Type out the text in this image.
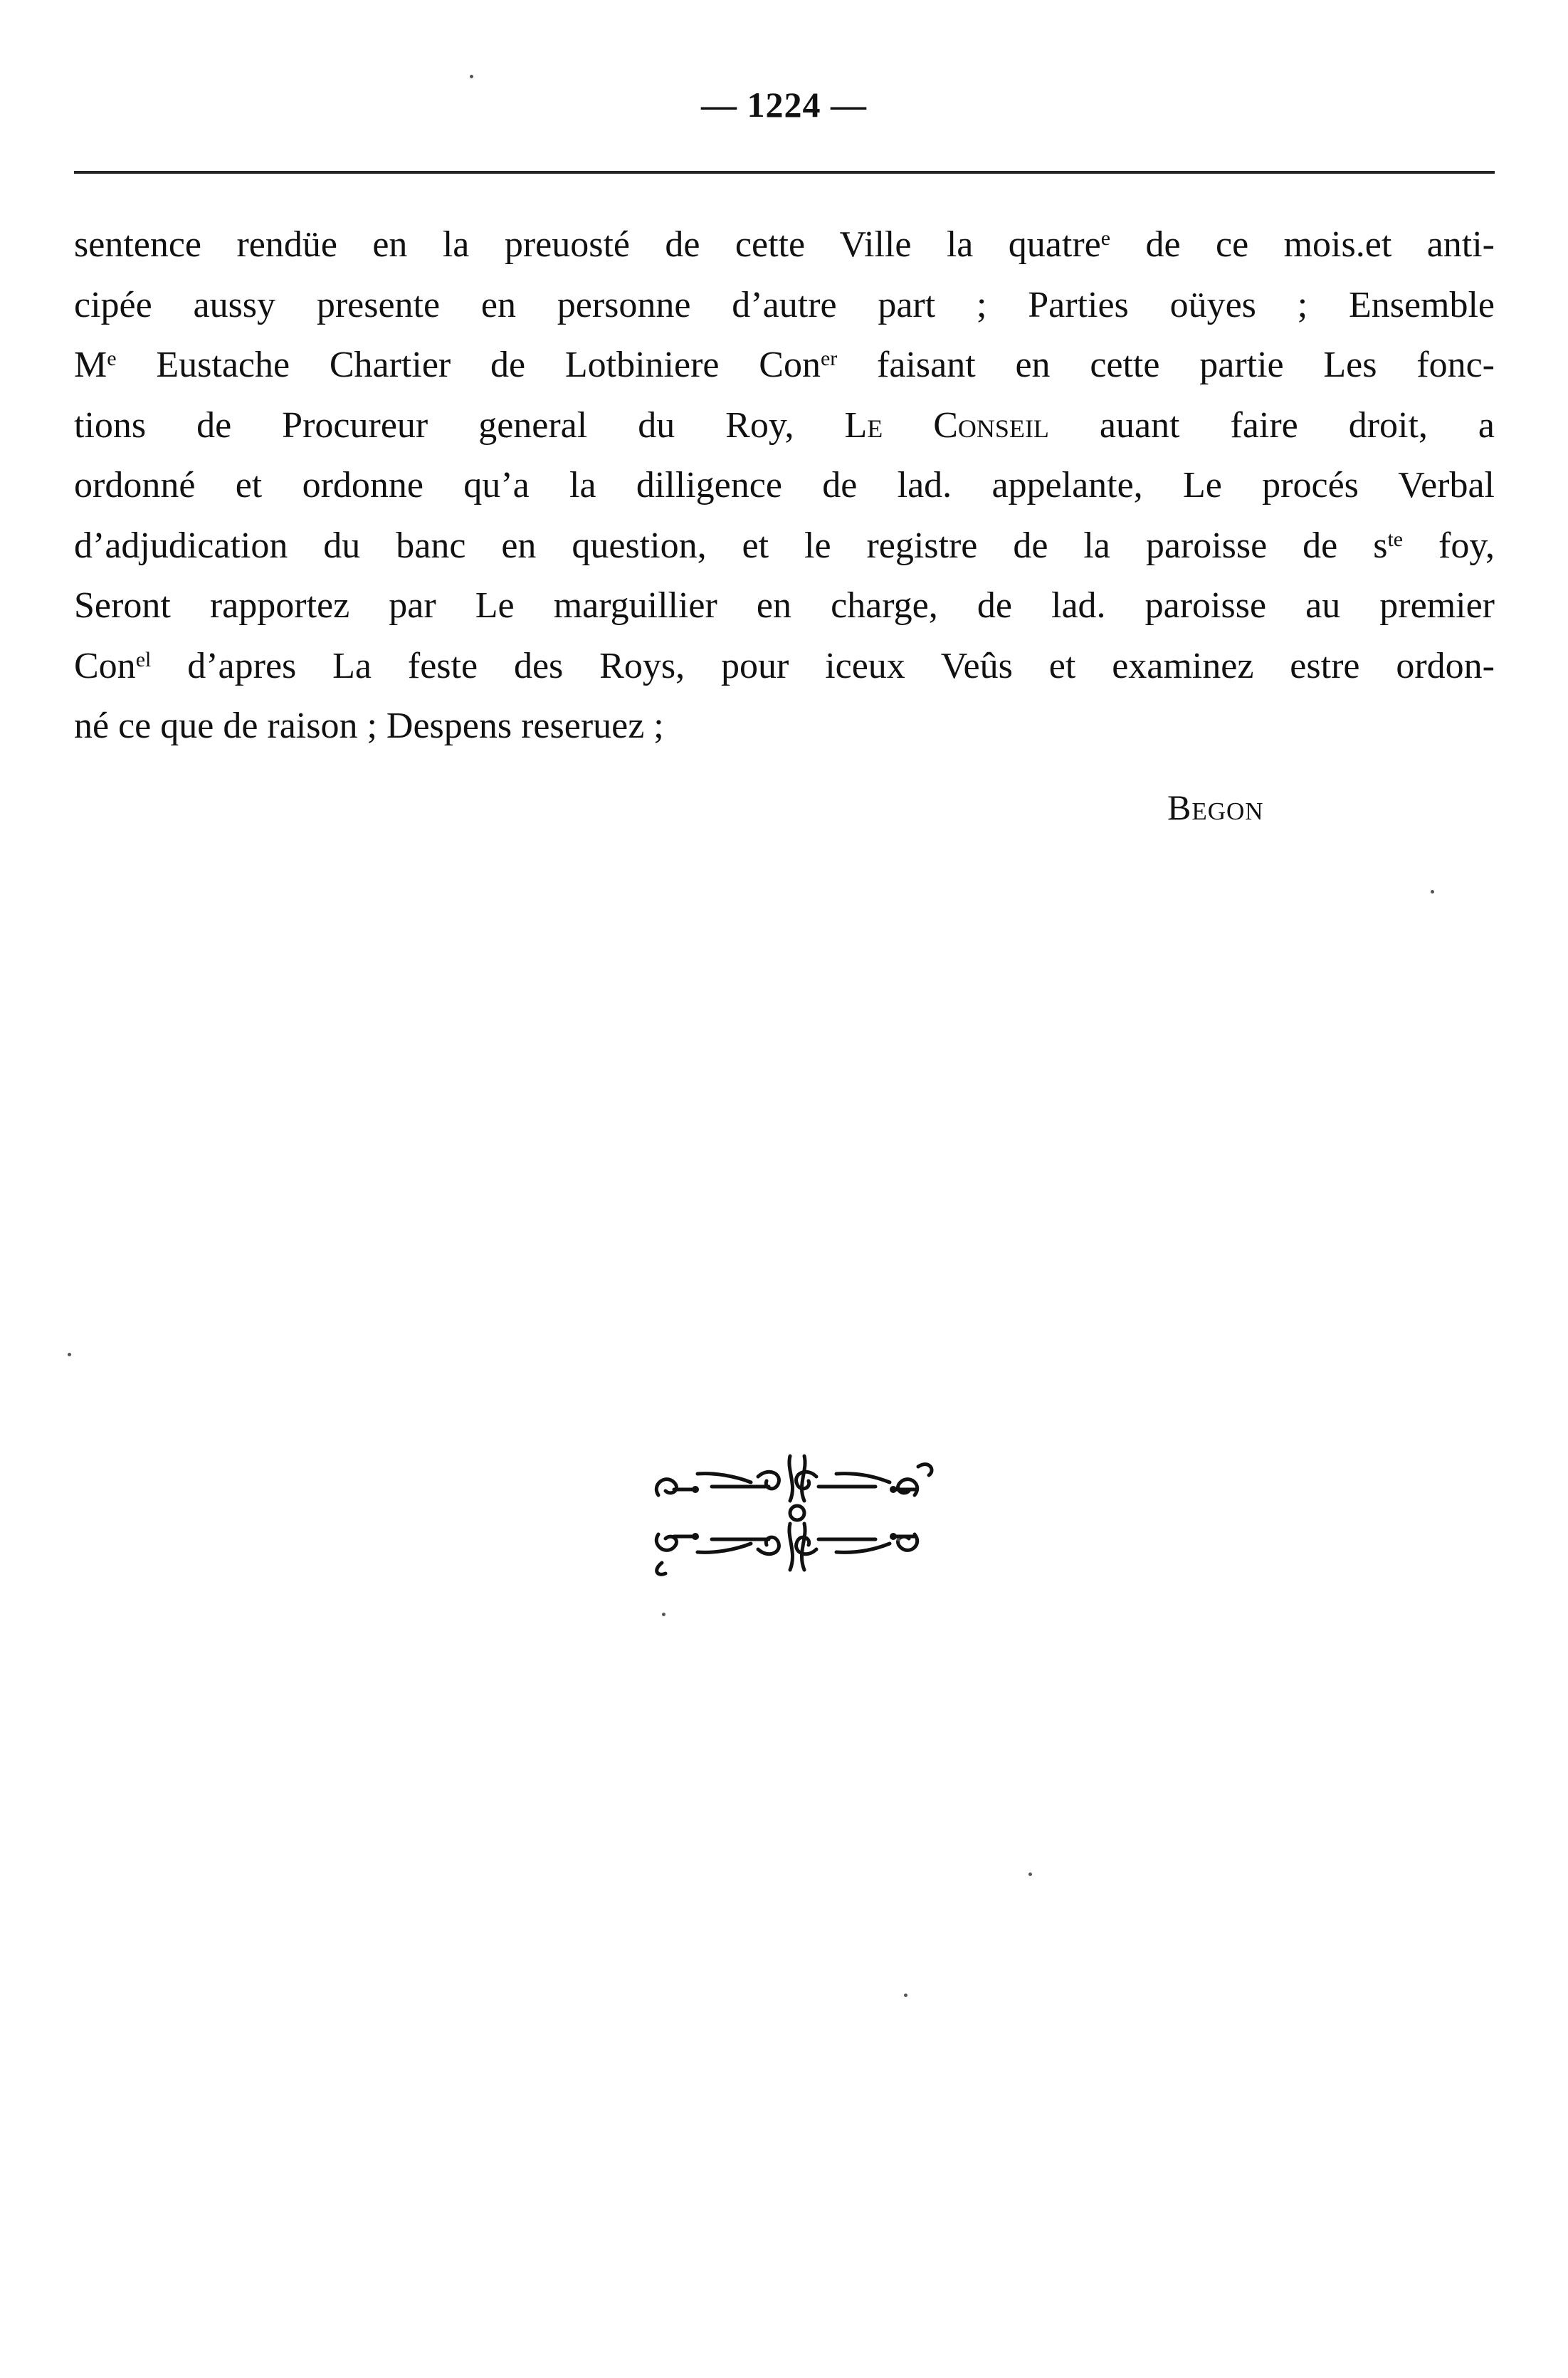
— 1224 —
sentence rendüe en la preuosté de cette Ville la quatre$^e$ de ce mois.et anti-
cipée aussy presente en personne d’autre part ; Parties oüyes ; Ensemble
Me Eustache Chartier de Lotbiniere Con$^{er}$ faisant en cette partie Les fonc-
tions de Procureur general du Roy, Le Conseil auant faire droit, a
ordonné et ordonne qu’a la dilligence de lad. appelante, Le procés Verbal
d’adjudication du banc en question, et le registre de la paroisse de $s^{te}$ foy,
Seront rapportez par Le marguillier en charge, de lad. paroisse au premier
Con$^{el}$ d’apres La feste des Roys, pour iceux Veûs et examinez estre ordon-
né ce que de raison ; Despens reseruez ;
Begon
